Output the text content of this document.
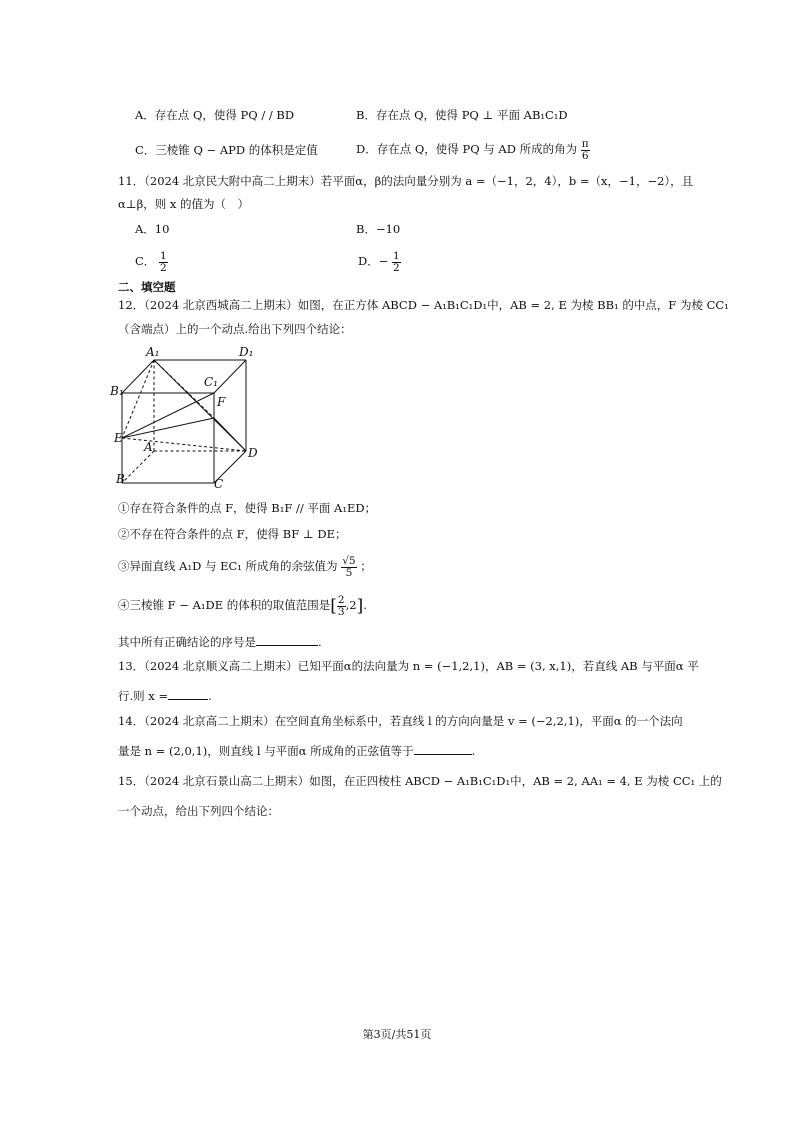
A．存在点 Q，使得 PQ / / BD	B．存在点 Q，使得 PQ ⊥ 平面 AB₁C₁D
C．三棱锥 Q − APD 的体积是定值	D．存在点 Q，使得 PQ 与 AD 所成的角为 $\frac{\pi}{6}$
11．（2024 北京民大附中高二上期末）若平面α，β的法向量分别为 a =（−1，2，4），b =（x，−1，−2），且
α⊥β，则 x 的值为（　）
A．10	B．−10
C． $\frac{1}{2}$	D．− $\frac{1}{2}$
二、填空题
12．（2024 北京西城高二上期末）如图，在正方体 ABCD − A₁B₁C₁D₁中，AB = 2, E 为棱 BB₁ 的中点，F 为棱 CC₁
（含端点）上的一个动点.给出下列四个结论：
A₁	D₁
B₁
C₁
F
E
A	D
B	C
①存在符合条件的点 F，使得 B₁F // 平面 A₁ED；
②不存在符合条件的点 F，使得 BF ⊥ DE；
③异面直线 A₁D 与 EC₁ 所成角的余弦值为 $\frac{√5}{5}$ ；
④三棱锥 F − A₁DE 的体积的取值范围是[ $\frac{2}{3} ,2$].
其中所有正确结论的序号是	.
13．（2024 北京顺义高二上期末）已知平面α的法向量为 n = (−1,2,1)，AB = (3, x,1)，若直线 AB 与平面α 平
行.则 x =	.
14．（2024 北京高二上期末）在空间直角坐标系中，若直线 l 的方向向量是 v = (−2,2,1)，平面α 的一个法向
量是 n = (2,0,1)，则直线 l 与平面α 所成角的正弦值等于	.
15．（2024 北京石景山高二上期末）如图，在正四棱柱 ABCD − A₁B₁C₁D₁中，AB = 2, AA₁ = 4, E 为棱 CC₁ 上的
一个动点，给出下列四个结论：
第3页/共51页
